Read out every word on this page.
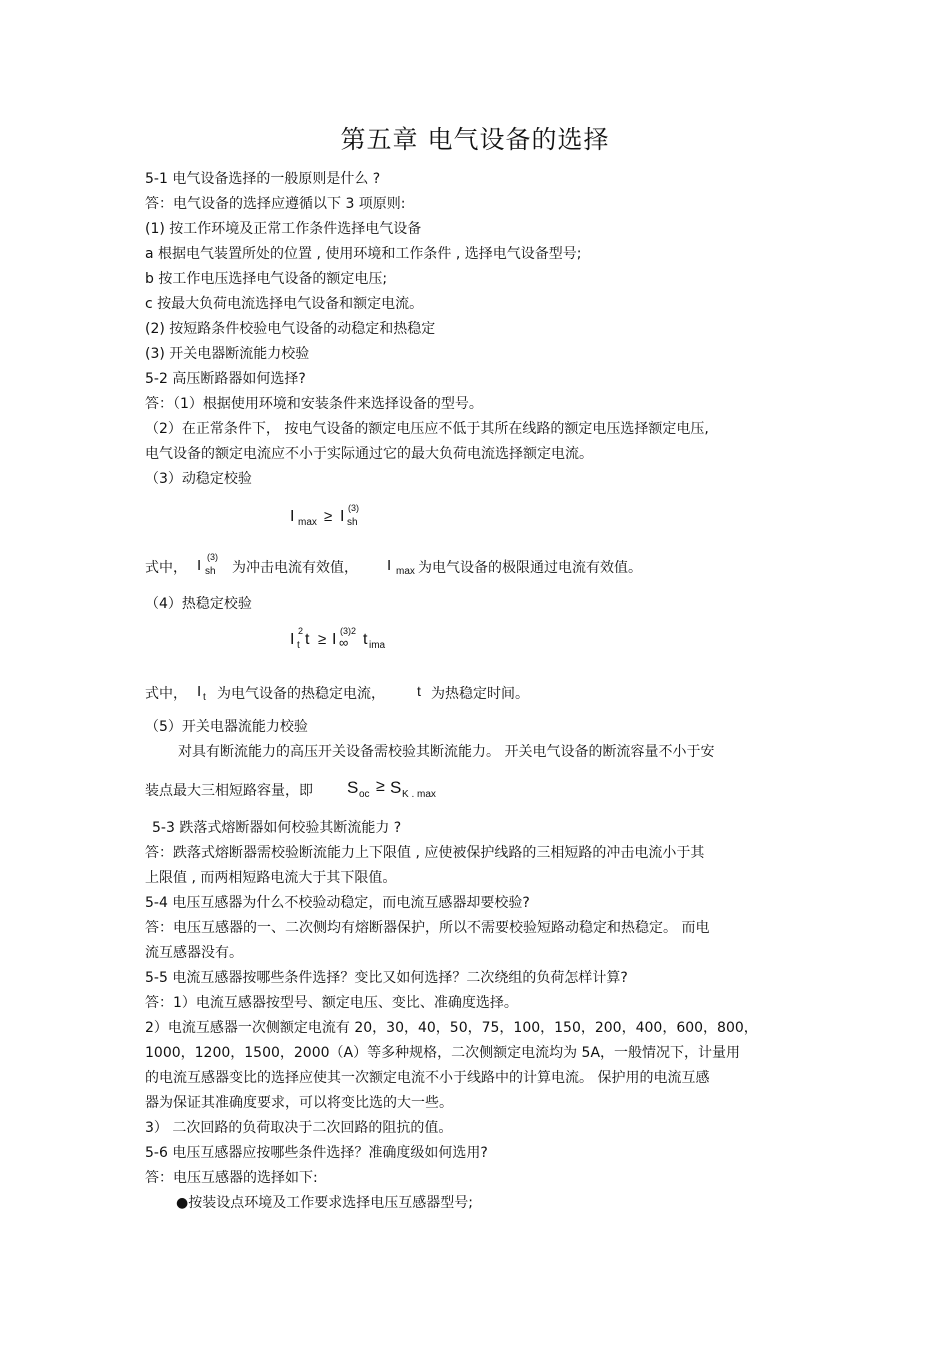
第五章 电气设备的选择
5-1 电气设备选择的一般原则是什么 ?
答：电气设备的选择应遵循以下 3 项原则:
(1) 按工作环境及正常工作条件选择电气设备
a 根据电气装置所处的位置 , 使用环境和工作条件 , 选择电气设备型号;
b 按工作电压选择电气设备的额定电压;
c 按最大负荷电流选择电气设备和额定电流。
(2) 按短路条件校验电气设备的动稳定和热稳定
(3) 开关电器断流能力校验
5-2 高压断路器如何选择?
答：（1）根据使用环境和安装条件来选择设备的型号。
（2）在正常条件下， 按电气设备的额定电压应不低于其所在线路的额定电压选择额定电压,
电气设备的额定电流应不小于实际通过它的最大负荷电流选择额定电流。
（3）动稳定校验
I max ≥ I sh
(3)
式中， I sh
(3)
为冲击电流有效值， I max 为电气设备的极限通过电流有效值。
（4）热稳定校验
I t
2 t ≥ I ∞
(3)2 t ima
式中， I t 为电气设备的热稳定电流， t 为热稳定时间。
（5）开关电器流能力校验
对具有断流能力的高压开关设备需校验其断流能力。 开关电气设备的断流容量不小于安
装点最大三相短路容量，即 S oc ≥ S K . max
5-3 跌落式熔断器如何校验其断流能力 ?
答：跌落式熔断器需校验断流能力上下限值 , 应使被保护线路的三相短路的冲击电流小于其
上限值 , 而两相短路电流大于其下限值。
5-4 电压互感器为什么不校验动稳定，而电流互感器却要校验?
答：电压互感器的一、二次侧均有熔断器保护，所以不需要校验短路动稳定和热稳定。 而电
流互感器没有。
5-5 电流互感器按哪些条件选择？变比又如何选择？二次绕组的负荷怎样计算?
答：1）电流互感器按型号、额定电压、变比、准确度选择。
2）电流互感器一次侧额定电流有 20，30，40，50，75，100，150，200，400，600，800，
1000，1200，1500，2000（A）等多种规格，二次侧额定电流均为 5A，一般情况下，计量用
的电流互感器变比的选择应使其一次额定电流不小于线路中的计算电流。 保护用的电流互感
器为保证其准确度要求，可以将变比选的大一些。
3） 二次回路的负荷取决于二次回路的阻抗的值。
5-6 电压互感器应按哪些条件选择？准确度级如何选用?
答：电压互感器的选择如下:
●按装设点环境及工作要求选择电压互感器型号;
